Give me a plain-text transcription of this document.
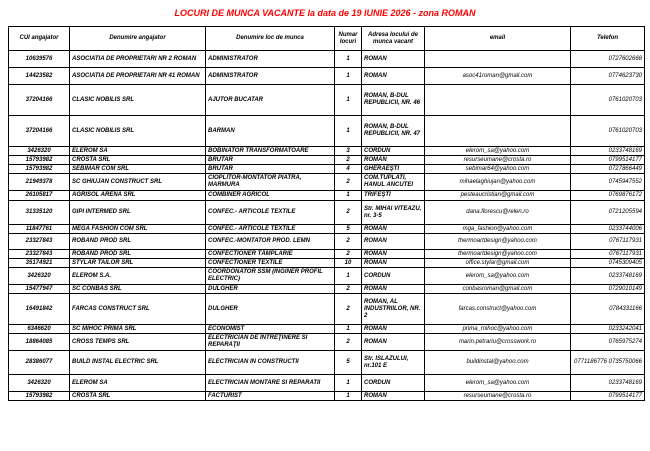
LOCURI DE MUNCA VACANTE la data de 19 IUNIE 2026 - zona ROMAN
CUI angajator	Denumire angajator	Denumire loc de munca	Numar locuri	Adresa locului de munca vacant	email	Telefon
10639576	ASOCIATIA DE PROPRIETARI NR 2 ROMAN	ADMINISTRATOR	1	ROMAN		0727602668
14423582	ASOCIATIA DE PROPRIETARI NR 41 ROMAN	ADMINISTRATOR	1	ROMAN	asoc41roman@gmail.com	0774623730
37204166	CLASIC NOBILIS SRL	AJUTOR BUCATAR	1	ROMAN, B-DUL REPUBLICII, NR. 46		0761020703
37204166	CLASIC NOBILIS SRL	BARMAN	1	ROMAN, B-DUL REPUBLICII, NR. 47		0761020703
3426320	ELEROM SA	BOBINATOR TRANSFORMATOARE	3	CORDUN	elerom_sa@yahoo.com	0233748169
15793982	CROSTA SRL	BRUTAR	2	ROMAN	resurseumane@crosta.ro	0799514177
15793982	SEBIMAR COM SRL	BRUTAR	4	GHERĂEŞTI	sebimar64@yahoo.com	0727866449
21949378	SC GHIUJAN CONSTRUCT SRL	CIOPLITOR-MONTATOR PIATRA, MARMURA	2	COM.TUPLATI, HANUL ANCUTEI	mihaelaghiujan@yahoo.com	0745947552
26105817	AGRISOL ARENA SRL	COMBINER AGRICOL	1	TRIFEŞTI	pesteaucristian@gmail.com	0769876172
31335120	GIPI INTERMED SRL	CONFEC.- ARTICOLE TEXTILE	2	Str. MIHAI VITEAZU, nr. 3-5	dana.florescu@relen.ro	0721205594
11847761	MEGA FASHION COM SRL	CONFEC.- ARTICOLE TEXTILE	5	ROMAN	mga_fashion@yahoo.com	0233744006
23327843	ROBAND PROD SRL	CONFEC.-MONTATOR PROD. LEMN	2	ROMAN	thermoartdesign@yahoo.com	0767117931
23327843	ROBAND PROD SRL	CONFECTIONER TÂMPLĂRIE	2	ROMAN	thermoartdesign@yahoo.com	0767117931
35174921	STYLAR TAILOR SRL	CONFECTIONER TEXTILE	10	ROMAN	office.stylar@gmail.com	0745309405
3426320	ELEROM S.A.	COORDONATOR SSM (INGINER PROFIL ELECTRIC)	1	CORDUN	elerom_sa@yahoo.com	0233748169
15477947	SC CONBAS SRL	DULGHER	2	ROMAN	conbasroman@gmail.com	0729010149
16491842	FARCAS CONSTRUCT SRL	DULGHER	2	ROMAN, AL INDUSTRIILOR, NR. 2	farcas.construct@yahoo.com	0784331166
6346620	SC MIHOC PRIMA SRL	ECONOMIST	1	ROMAN	prima_mihoc@yahoo.com	0233242041
18864085	CROSS TEMPS SRL	ELECTRICIAN DE ÎNTREŢINERE SI REPARAŢII	2	ROMAN	marin.petrariu@crosswork.ro	0765975274
28386077	BUILD INSTAL ELECTRIC SRL	ELECTRICIAN IN CONSTRUCTII	5	Str. ISLAZULUI, nr.101 E	buildinstal@yahoo.com	0771186776 0735750066
3426320	ELEROM SA	ELECTRICIAN MONTARE SI REPARATII	1	CORDUN	elerom_sa@yahoo.com	0233748169
15793982	CROSTA SRL	FACTURIST	1	ROMAN	resurseumane@crosta.ro	0799514177
